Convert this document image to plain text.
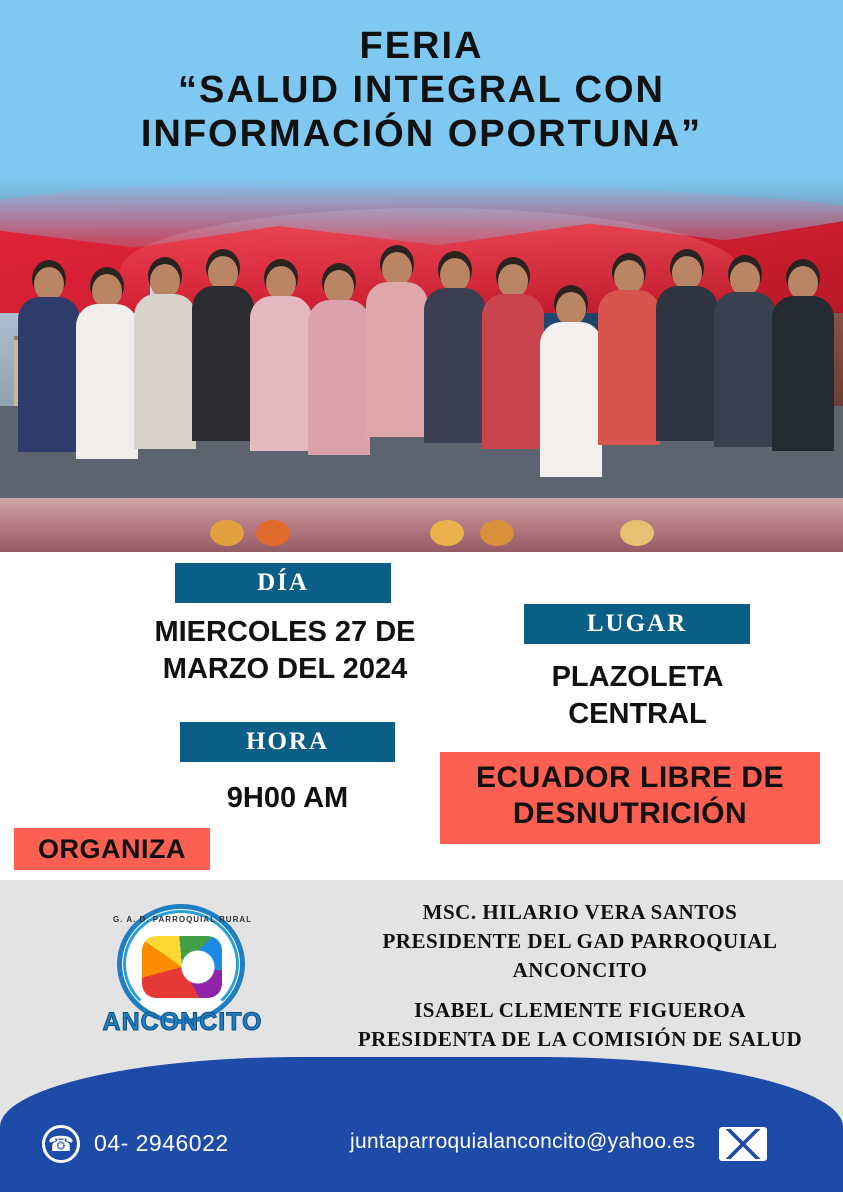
FERIA
“SALUD INTEGRAL CON
INFORMACIÓN OPORTUNA”
DÍA
MIERCOLES 27 DE MARZO DEL 2024
HORA
9H00 AM
LUGAR
PLAZOLETA CENTRAL
ECUADOR LIBRE DE DESNUTRICIÓN
ORGANIZA
G. A. D. PARROQUIAL RURAL
ANCONCITO
MSC. HILARIO VERA SANTOS
PRESIDENTE DEL GAD PARROQUIAL
ANCONCITO
ISABEL CLEMENTE FIGUEROA
PRESIDENTA DE LA COMISIÓN DE SALUD
☎ 04- 2946022	juntaparroquialanconcito@yahoo.es
